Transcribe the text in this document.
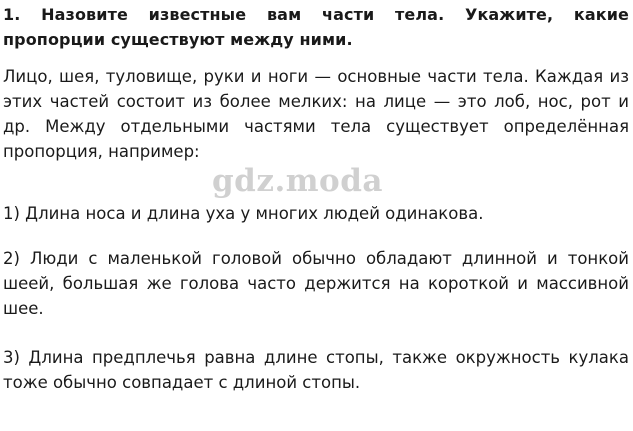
1. Назовите известные вам части тела. Укажите, какие пропорции существуют между ними.

Лицо, шея, туловище, руки и ноги — основные части тела. Каждая из этих частей состоит из более мелких: на лице — это лоб, нос, рот и др. Между отдельными частями тела существует определённая пропорция, например:

1) Длина носа и длина уха у многих людей одинакова.

2) Люди с маленькой головой обычно обладают длинной и тонкой шеей, большая же голова часто держится на короткой и массивной шее.

3) Длина предплечья равна длине стопы, также окружность кулака тоже обычно совпадает с длиной стопы.

gdz.moda
